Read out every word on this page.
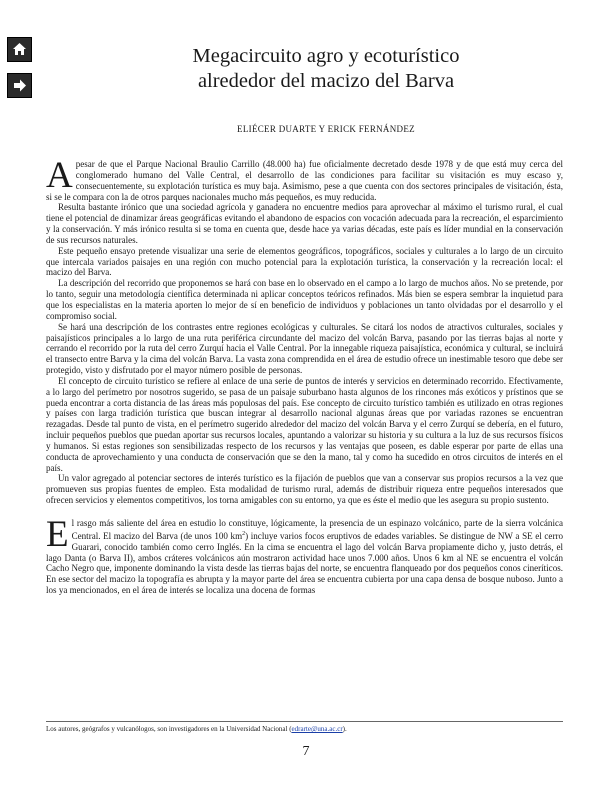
Megacircuito agro y ecoturístico
alrededor del macizo del Barva
ELIÉCER DUARTE Y ERICK FERNÁNDEZ

Apesar de que el Parque Nacional Braulio Carrillo (48.000 ha) fue oficialmente decretado desde 1978 y de que está muy cerca del conglomerado humano del Valle Central, el desarrollo de las condiciones para facilitar su visitación es muy escaso y, consecuentemente, su explotación turística es muy baja. Asimismo, pese a que cuenta con dos sectores principales de visitación, ésta, si se le compara con la de otros parques nacionales mucho más pequeños, es muy reducida.

Resulta bastante irónico que una sociedad agrícola y ganadera no encuentre medios para aprovechar al máximo el turismo rural, el cual tiene el potencial de dinamizar áreas geográficas evitando el abandono de espacios con vocación adecuada para la recreación, el esparcimiento y la conservación. Y más irónico resulta si se toma en cuenta que, desde hace ya varias décadas, este país es líder mundial en la conservación de sus recursos naturales.

Este pequeño ensayo pretende visualizar una serie de elementos geográficos, topográficos, sociales y culturales a lo largo de un circuito que intercala variados paisajes en una región con mucho potencial para la explotación turística, la conservación y la recreación local: el macizo del Barva.

La descripción del recorrido que proponemos se hará con base en lo observado en el campo a lo largo de muchos años. No se pretende, por lo tanto, seguir una metodología científica determinada ni aplicar conceptos teóricos refinados. Más bien se espera sembrar la inquietud para que los especialistas en la materia aporten lo mejor de sí en beneficio de individuos y poblaciones un tanto olvidadas por el desarrollo y el compromiso social.

Se hará una descripción de los contrastes entre regiones ecológicas y culturales. Se citará los nodos de atractivos culturales, sociales y paisajísticos principales a lo largo de una ruta periférica circundante del macizo del volcán Barva, pasando por las tierras bajas al norte y cerrando el recorrido por la ruta del cerro Zurquí hacia el Valle Central. Por la innegable riqueza paisajística, económica y cultural, se incluirá el transecto entre Barva y la cima del volcán Barva. La vasta zona comprendida en el área de estudio ofrece un inestimable tesoro que debe ser protegido, visto y disfrutado por el mayor número posible de personas.

El concepto de circuito turístico se refiere al enlace de una serie de puntos de interés y servicios en determinado recorrido. Efectivamente, a lo largo del perímetro por nosotros sugerido, se pasa de un paisaje suburbano hasta algunos de los rincones más exóticos y prístinos que se pueda encontrar a corta distancia de las áreas más populosas del país. Ese concepto de circuito turístico también es utilizado en otras regiones y países con larga tradición turística que buscan integrar al desarrollo nacional algunas áreas que por variadas razones se encuentran rezagadas. Desde tal punto de vista, en el perímetro sugerido alrededor del macizo del volcán Barva y el cerro Zurquí se debería, en el futuro, incluir pequeños pueblos que puedan aportar sus recursos locales, apuntando a valorizar su historia y su cultura a la luz de sus recursos físicos y humanos. Si estas regiones son sensibilizadas respecto de los recursos y las ventajas que poseen, es dable esperar por parte de ellas una conducta de aprovechamiento y una conducta de conservación que se den la mano, tal y como ha sucedido en otros circuitos de interés en el país.

Un valor agregado al potenciar sectores de interés turístico es la fijación de pueblos que van a conservar sus propios recursos a la vez que promueven sus propias fuentes de empleo. Esta modalidad de turismo rural, además de distribuir riqueza entre pequeños interesados que ofrecen servicios y elementos competitivos, los torna amigables con su entorno, ya que es éste el medio que les asegura su propio sustento.

El rasgo más saliente del área en estudio lo constituye, lógicamente, la presencia de un espinazo volcánico, parte de la sierra volcánica Central. El macizo del Barva (de unos 100 $km^2$) incluye varios focos eruptivos de edades variables. Se distingue de NW a SE el cerro Guarari, conocido también como cerro Inglés. En la cima se encuentra el lago del volcán Barva propiamente dicho y, justo detrás, el lago Danta (o Barva II), ambos cráteres volcánicos aún mostraron actividad hace unos 7.000 años. Unos 6 km al NE se encuentra el volcán Cacho Negro que, imponente dominando la vista desde las tierras bajas del norte, se encuentra flanqueado por dos pequeños conos cineríticos. En ese sector del macizo la topografía es abrupta y la mayor parte del área se encuentra cubierta por una capa densa de bosque nuboso. Junto a los ya mencionados, en el área de interés se localiza una docena de formas

Los autores, geógrafos y vulcanólogos, son investigadores en la Universidad Nacional (edrarte@una.ac.cr).
7
